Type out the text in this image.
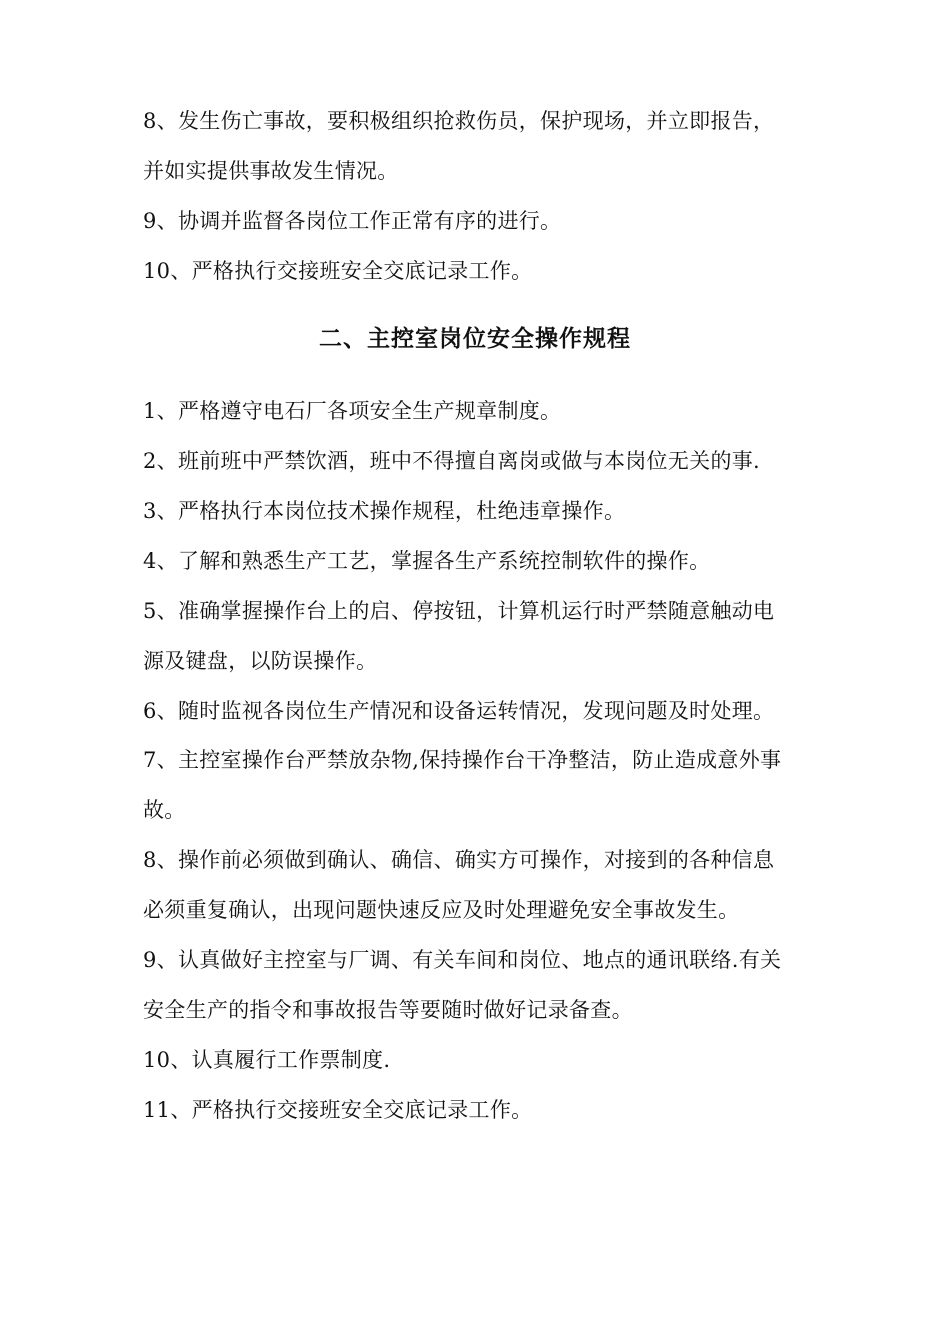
8、发生伤亡事故，要积极组织抢救伤员，保护现场，并立即报告，
并如实提供事故发生情况。
9、协调并监督各岗位工作正常有序的进行。
10、严格执行交接班安全交底记录工作。
二、主控室岗位安全操作规程
1、严格遵守电石厂各项安全生产规章制度。
2、班前班中严禁饮酒，班中不得擅自离岗或做与本岗位无关的事.
3、严格执行本岗位技术操作规程，杜绝违章操作。
4、了解和熟悉生产工艺，掌握各生产系统控制软件的操作。
5、准确掌握操作台上的启、停按钮，计算机运行时严禁随意触动电
源及键盘，以防误操作。
6、随时监视各岗位生产情况和设备运转情况，发现问题及时处理。
7、主控室操作台严禁放杂物,保持操作台干净整洁，防止造成意外事
故。
8、操作前必须做到确认、确信、确实方可操作，对接到的各种信息
必须重复确认，出现问题快速反应及时处理避免安全事故发生。
9、认真做好主控室与厂调、有关车间和岗位、地点的通讯联络.有关
安全生产的指令和事故报告等要随时做好记录备查。
10、认真履行工作票制度.
11、严格执行交接班安全交底记录工作。
